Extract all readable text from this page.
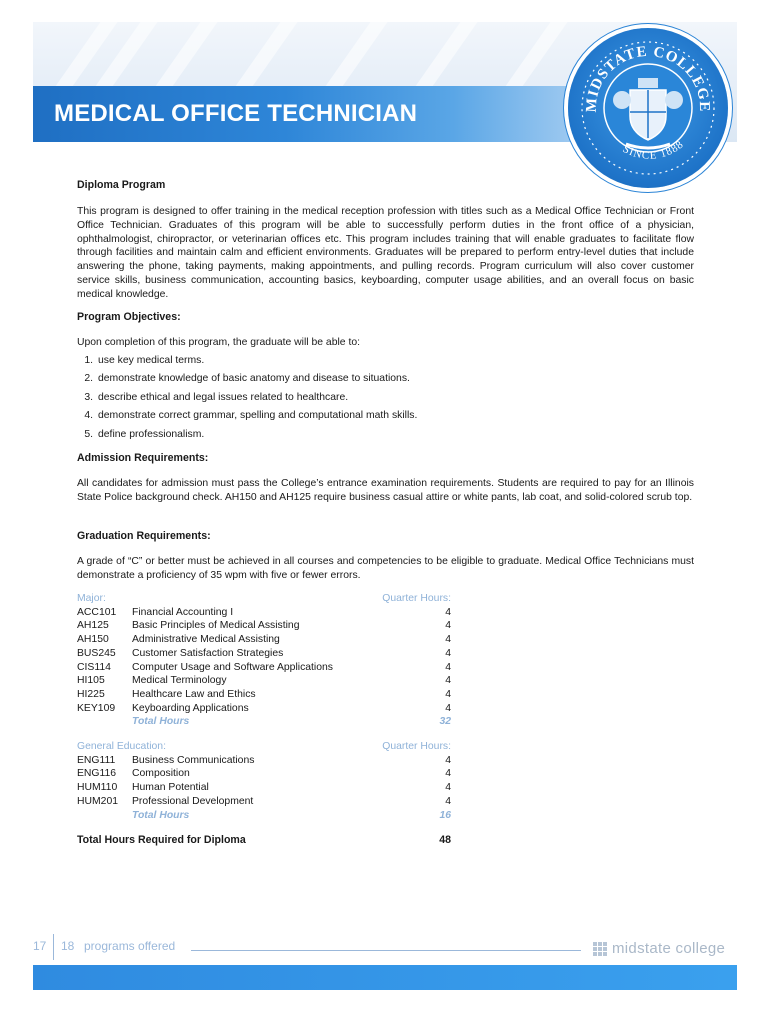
MEDICAL OFFICE TECHNICIAN	MIDSTATE COLLEGE
SINCE 1888
Diploma Program
This program is designed to offer training in the medical reception profession with titles such as a Medical Office Technician or Front Office Technician. Graduates of this program will be able to successfully perform duties in the front office of a physician, ophthalmologist, chiropractor, or veterinarian offices etc. This program includes training that will enable graduates to facilitate flow through facilities and maintain calm and efficient environments. Graduates will be prepared to perform entry-level duties that include answering the phone, taking payments, making appointments, and pulling records. Program curriculum will also cover customer service skills, business communication, accounting basics, keyboarding, computer usage abilities, and an overall focus on basic medical knowledge.
Program Objectives:
Upon completion of this program, the graduate will be able to:
1. use key medical terms.
2. demonstrate knowledge of basic anatomy and disease to situations.
3. describe ethical and legal issues related to healthcare.
4. demonstrate correct grammar, spelling and computational math skills.
5. define professionalism.
Admission Requirements:
All candidates for admission must pass the College’s entrance examination requirements. Students are required to pay for an Illinois State Police background check. AH150 and AH125 require business casual attire or white pants, lab coat, and solid-colored scrub top.
Graduation Requirements:
A grade of “C” or better must be achieved in all courses and competencies to be eligible to graduate. Medical Office Technicians must demonstrate a proficiency of 35 wpm with five or fewer errors.
Major:		Quarter Hours:
ACC101	Financial Accounting I	4
AH125	Basic Principles of Medical Assisting	4
AH150	Administrative Medical Assisting	4
BUS245	Customer Satisfaction Strategies	4
CIS114	Computer Usage and Software Applications	4
HI105	Medical Terminology	4
HI225	Healthcare Law and Ethics	4
KEY109	Keyboarding Applications	4
	Total Hours	32
General Education:		Quarter Hours:
ENG111	Business Communications	4
ENG116	Composition	4
HUM110	Human Potential	4
HUM201	Professional Development	4
	Total Hours	16
Total Hours Required for Diploma	48
17 18 programs offered	midstate college
